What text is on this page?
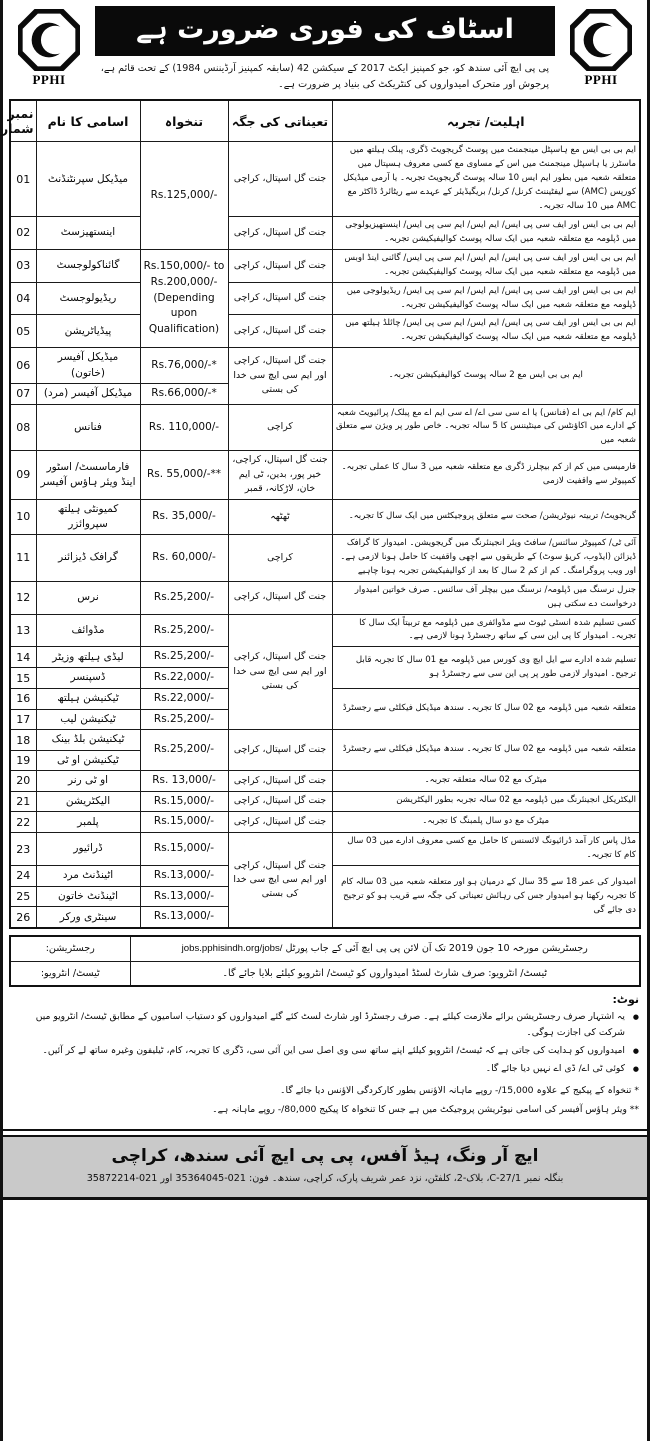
PPHI
اسٹاف کی فوری ضرورت ہے
پی پی ایچ آئی سندھ کو، جو کمپنیز ایکٹ 2017 کے سیکشن 42 (سابقہ کمپنیز آرڈیننس 1984) کے تحت قائم ہے، پرجوش اور متحرک امیدواروں کی کنٹریکٹ کی بنیاد پر ضرورت ہے۔
PPHI
اہلیت/ تجربہ	تعیناتی کی جگہ	تنخواہ	اسامی کا نام	نمبر شمار
ایم بی بی ایس مع ہاسپٹل مینجمنٹ میں پوسٹ گریجویٹ ڈگری، پبلک ہیلتھ میں ماسٹرز یا ہاسپٹل مینجمنٹ میں اس کے مساوی مع کسی معروف ہسپتال میں متعلقہ شعبہ میں بطور ایم ایس 10 سالہ پوسٹ گریجویٹ تجربہ۔ یا آرمی میڈیکل کورپس (AMC) سے لیفٹیننٹ کرنل/ کرنل/ بریگیڈیئر کے عہدے سے ریٹائرڈ ڈاکٹر مع AMC میں 10 سالہ تجربہ۔	جنت گل اسپتال، کراچی	Rs.125,000/-	میڈیکل سپرنٹنڈنٹ	01
ایم بی بی ایس اور ایف سی پی ایس/ ایم ایس/ ایم سی پی ایس/ اینستھیزیولوجی میں ڈپلومہ مع متعلقہ شعبہ میں ایک سالہ پوسٹ کوالیفیکیشن تجربہ۔	جنت گل اسپتال، کراچی		اینستھیزسٹ	02
ایم بی بی ایس اور ایف سی پی ایس/ ایم ایس/ ایم سی پی ایس/ گائنی اینڈ اوبس میں ڈپلومہ مع متعلقہ شعبہ میں ایک سالہ پوسٹ کوالیفیکیشن تجربہ۔	جنت گل اسپتال، کراچی	Rs.150,000/- to Rs.200,000/- (Depending upon Qualification)	گائناکولوجسٹ	03
ایم بی بی ایس اور ایف سی پی ایس/ ایم ایس/ ایم سی پی ایس/ ریڈیولوجی میں ڈپلومہ مع متعلقہ شعبہ میں ایک سالہ پوسٹ کوالیفیکیشن تجربہ۔	جنت گل اسپتال، کراچی		ریڈیولوجسٹ	04
ایم بی بی ایس اور ایف سی پی ایس/ ایم ایس/ ایم سی پی ایس/ چائلڈ ہیلتھ میں ڈپلومہ مع متعلقہ شعبہ میں ایک سالہ پوسٹ کوالیفیکیشن تجربہ۔	جنت گل اسپتال، کراچی		پیڈیاٹریشن	05
ایم بی بی ایس مع 2 سالہ پوسٹ کوالیفیکیشن تجربہ۔	جنت گل اسپتال، کراچی اور ایم سی ایچ سی خدا کی بستی	Rs.76,000/-*	میڈیکل آفیسر (خاتون)	06
		Rs.66,000/-*	میڈیکل آفیسر (مرد)	07
ایم کام/ ایم بی اے (فنانس) یا اے سی سی اے/ اے سی ایم اے مع پبلک/ پرائیویٹ شعبہ کے ادارے میں اکاؤنٹس کی مینٹیننس کا 5 سالہ تجربہ۔ خاص طور پر ویژن سے متعلق شعبہ میں	کراچی	Rs. 110,000/-	فنانس	08
فارمیسی میں کم از کم بیچلرز ڈگری مع متعلقہ شعبہ میں 3 سال کا عملی تجربہ۔ کمپیوٹر سے واقفیت لازمی	جنت گل اسپتال، کراچی، خیر پور، بدین، ٹی ایم خان، لاڑکانہ، قمبر	Rs. 55,000/-**	فارماسسٹ/ اسٹور اینڈ ویئر ہاؤس آفیسر	09
گریجویٹ/ تربیتہ نیوٹریشن/ صحت سے متعلق پروجیکٹس میں ایک سال کا تجربہ۔	ٹھٹھہ	Rs. 35,000/-	کمیونٹی ہیلتھ سپروائزر	10
آئی ٹی/ کمپیوٹر سائنس/ سافٹ ویئر انجینئرنگ میں گریجویشن۔ امیدوار کا گرافک ڈیزائن (ایڈوب، کریؤ سوٹ) کے طریقوں سے اچھی واقفیت کا حامل ہونا لازمی ہے۔ اور ویب پروگرامنگ۔ کم از کم 2 سال کا بعد از کوالیفیکیشن تجربہ ہونا چاہیے	کراچی	Rs. 60,000/-	گرافک ڈیزائنر	11
جنرل نرسنگ میں ڈپلومہ/ نرسنگ میں بیچلر آف سائنس۔ صرف خواتین امیدوار درخواست دے سکتی ہیں	جنت گل اسپتال، کراچی	Rs.25,200/-	نرس	12
کسی تسلیم شدہ انسٹی ٹیوٹ سے مڈوائفری میں ڈپلومہ مع تربیتاً ایک سال کا تجربہ۔ امیدوار کا پی این سی کے ساتھ رجسٹرڈ ہونا لازمی ہے۔	جنت گل اسپتال، کراچی اور ایم سی ایچ سی خدا کی بستی	Rs.25,200/-	مڈوائف	13
تسلیم شدہ ادارے سے ایل ایچ وی کورس میں ڈپلومہ مع 01 سال کا تجربہ قابل ترجیح۔ امیدوار لازمی طور پر پی این سی سے رجسٹرڈ ہو		Rs.25,200/-	لیڈی ہیلتھ وزیٹر	14
		Rs.22,000/-	ڈسپنسر	15
متعلقہ شعبہ میں ڈپلومہ مع 02 سال کا تجربہ۔ سندھ میڈیکل فیکلٹی سے رجسٹرڈ		Rs.22,000/-	ٹیکنیشن ہیلتھ	16
		Rs.25,200/-	ٹیکنیشن لیب	17
متعلقہ شعبہ میں ڈپلومہ مع 02 سال کا تجربہ۔ سندھ میڈیکل فیکلٹی سے رجسٹرڈ	جنت گل اسپتال، کراچی	Rs.25,200/-	ٹیکنیشن بلڈ بینک	18
			ٹیکنیشن او ٹی	19
میٹرک مع 02 سالہ متعلقہ تجربہ۔	جنت گل اسپتال، کراچی	Rs. 13,000/-	او ٹی رنر	20
الیکٹریکل انجینئرنگ میں ڈپلومہ مع 02 سالہ تجربہ بطور الیکٹریشن	جنت گل اسپتال، کراچی	Rs.15,000/-	الیکٹریشن	21
میٹرک مع دو سال پلمبنگ کا تجربہ۔	جنت گل اسپتال، کراچی	Rs.15,000/-	پلمبر	22
مڈل پاس کار آمد ڈرائیونگ لائسنس کا حامل مع کسی معروف ادارے میں 03 سال کام کا تجربہ۔	جنت گل اسپتال، کراچی اور ایم سی ایچ سی خدا کی بستی	Rs.15,000/-	ڈرائیور	23
امیدوار کی عمر 18 سے 35 سال کے درمیان ہو اور متعلقہ شعبہ میں 03 سالہ کام کا تجربہ رکھتا ہو امیدوار جس کی رہائش تعیناتی کی جگہ سے قریب ہو کو ترجیح دی جائے گی		Rs.13,000/-	اٹینڈنٹ مرد	24
		Rs.13,000/-	اٹینڈنٹ خاتون	25
		Rs.13,000/-	سینٹری ورکر	26
رجسٹریشن مورخہ 10 جون 2019 تک آن لائن پی پی ایچ آئی کے جاب پورٹل jobs.pphisindh.org/jobs/	رجسٹریشن:
ٹیسٹ/ انٹرویو: صرف شارٹ لسٹڈ امیدواروں کو ٹیسٹ/ انٹرویو کیلئے بلایا جائے گا۔	ٹیسٹ/ انٹرویو:
نوٹ:
● یہ اشتہار صرف رجسٹریشن برائے ملازمت کیلئے ہے۔ صرف رجسٹرڈ اور شارٹ لسٹ کئے گئے امیدواروں کو دستیاب اسامیوں کے مطابق ٹیسٹ/ انٹرویو میں شرکت کی اجازت ہوگی۔
● امیدواروں کو ہدایت کی جاتی ہے کہ ٹیسٹ/ انٹرویو کیلئے اپنے ساتھ سی وی اصل سی این آئی سی، ڈگری کا تجربہ، کام، ٹیلیفون وغیرہ ساتھ لے کر آئیں۔
● کوئی ٹی اے/ ڈی اے نہیں دیا جائے گا۔

* تنخواہ کے پیکیج کے علاوہ 15,000/- روپے ماہانہ الاؤنس بطور کارکردگی الاؤنس دیا جائے گا۔

** ویئر ہاؤس آفیسر کی اسامی نیوٹریشن پروجیکٹ میں ہے جس کا تنخواہ کا پیکیج 80,000/- روپے ماہانہ ہے۔

ایچ آر ونگ، ہیڈ آفس، پی پی ایچ آئی سندھ، کراچی
بنگلہ نمبر C-27/1، بلاک-2، کلفٹن، نزد عمر شریف پارک، کراچی، سندھ۔ فون: 021-35364045 اور 021-35872214
